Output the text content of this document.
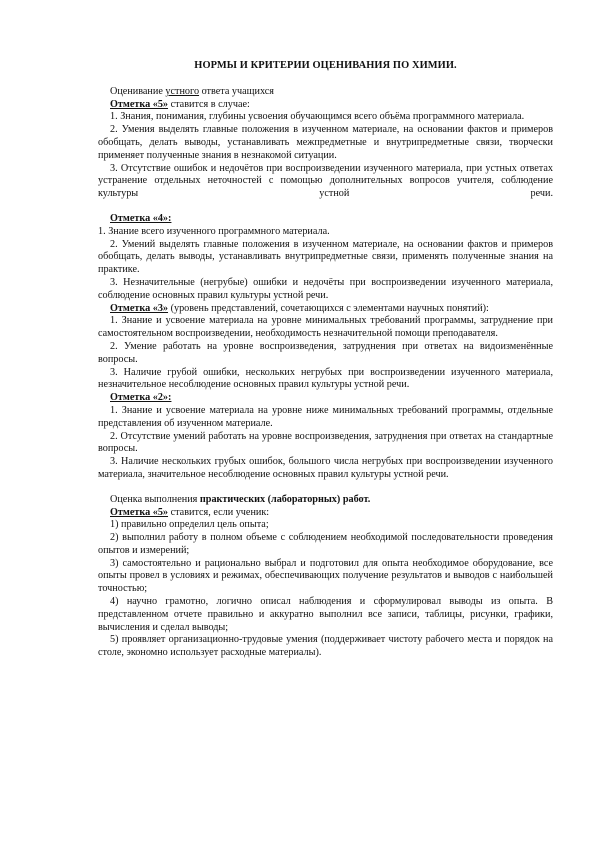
НОРМЫ И КРИТЕРИИ ОЦЕНИВАНИЯ ПО ХИМИИ.

Оценивание устного ответа учащихся

Отметка «5» ставится в случае:

1. Знания, понимания, глубины усвоения обучающимся всего объёма программного материала.

2. Умения выделять главные положения в изученном материале, на основании фактов и примеров обобщать, делать выводы, устанавливать межпредметные и внутрипредметные связи, творчески применяет полученные знания в незнакомой ситуации.

3. Отсутствие ошибок и недочётов при воспроизведении изученного материала, при устных ответах устранение отдельных неточностей с помощью дополнительных вопросов учителя, соблюдение культуры устной речи.

Отметка «4»:

1. Знание всего изученного программного материала.

2. Умений выделять главные положения в изученном материале, на основании фактов и примеров обобщать, делать выводы, устанавливать внутрипредметные связи, применять полученные знания на практике.

3. Незначительные (негрубые) ошибки и недочёты при воспроизведении изученного материала, соблюдение основных правил культуры устной речи.

Отметка «3» (уровень представлений, сочетающихся с элементами научных понятий):

1. Знание и усвоение материала на уровне минимальных требований программы, затруднение при самостоятельном воспроизведении, необходимость незначительной помощи преподавателя.

2. Умение работать на уровне воспроизведения, затруднения при ответах на видоизменённые вопросы.

3. Наличие грубой ошибки, нескольких негрубых при воспроизведении изученного материала, незначительное несоблюдение основных правил культуры устной речи.

Отметка «2»:

1. Знание и усвоение материала на уровне ниже минимальных требований программы, отдельные представления об изученном материале.

2. Отсутствие умений работать на уровне воспроизведения, затруднения при ответах на стандартные вопросы.

3. Наличие нескольких грубых ошибок, большого числа негрубых при воспроизведении изученного материала, значительное несоблюдение основных правил культуры устной речи.

Оценка выполнения практических (лабораторных) работ.

Отметка «5» ставится, если ученик:

1) правильно определил цель опыта;

2) выполнил работу в полном объеме с соблюдением необходимой последовательности проведения опытов и измерений;

3) самостоятельно и рационально выбрал и подготовил для опыта необходимое оборудование, все опыты провел в условиях и режимах, обеспечивающих получение результатов и выводов с наибольшей точностью;

4) научно грамотно, логично описал наблюдения и сформулировал выводы из опыта. В представленном отчете правильно и аккуратно выполнил все записи, таблицы, рисунки, графики, вычисления и сделал выводы;

5) проявляет организационно-трудовые умения (поддерживает чистоту рабочего места и порядок на столе, экономно использует расходные материалы).
